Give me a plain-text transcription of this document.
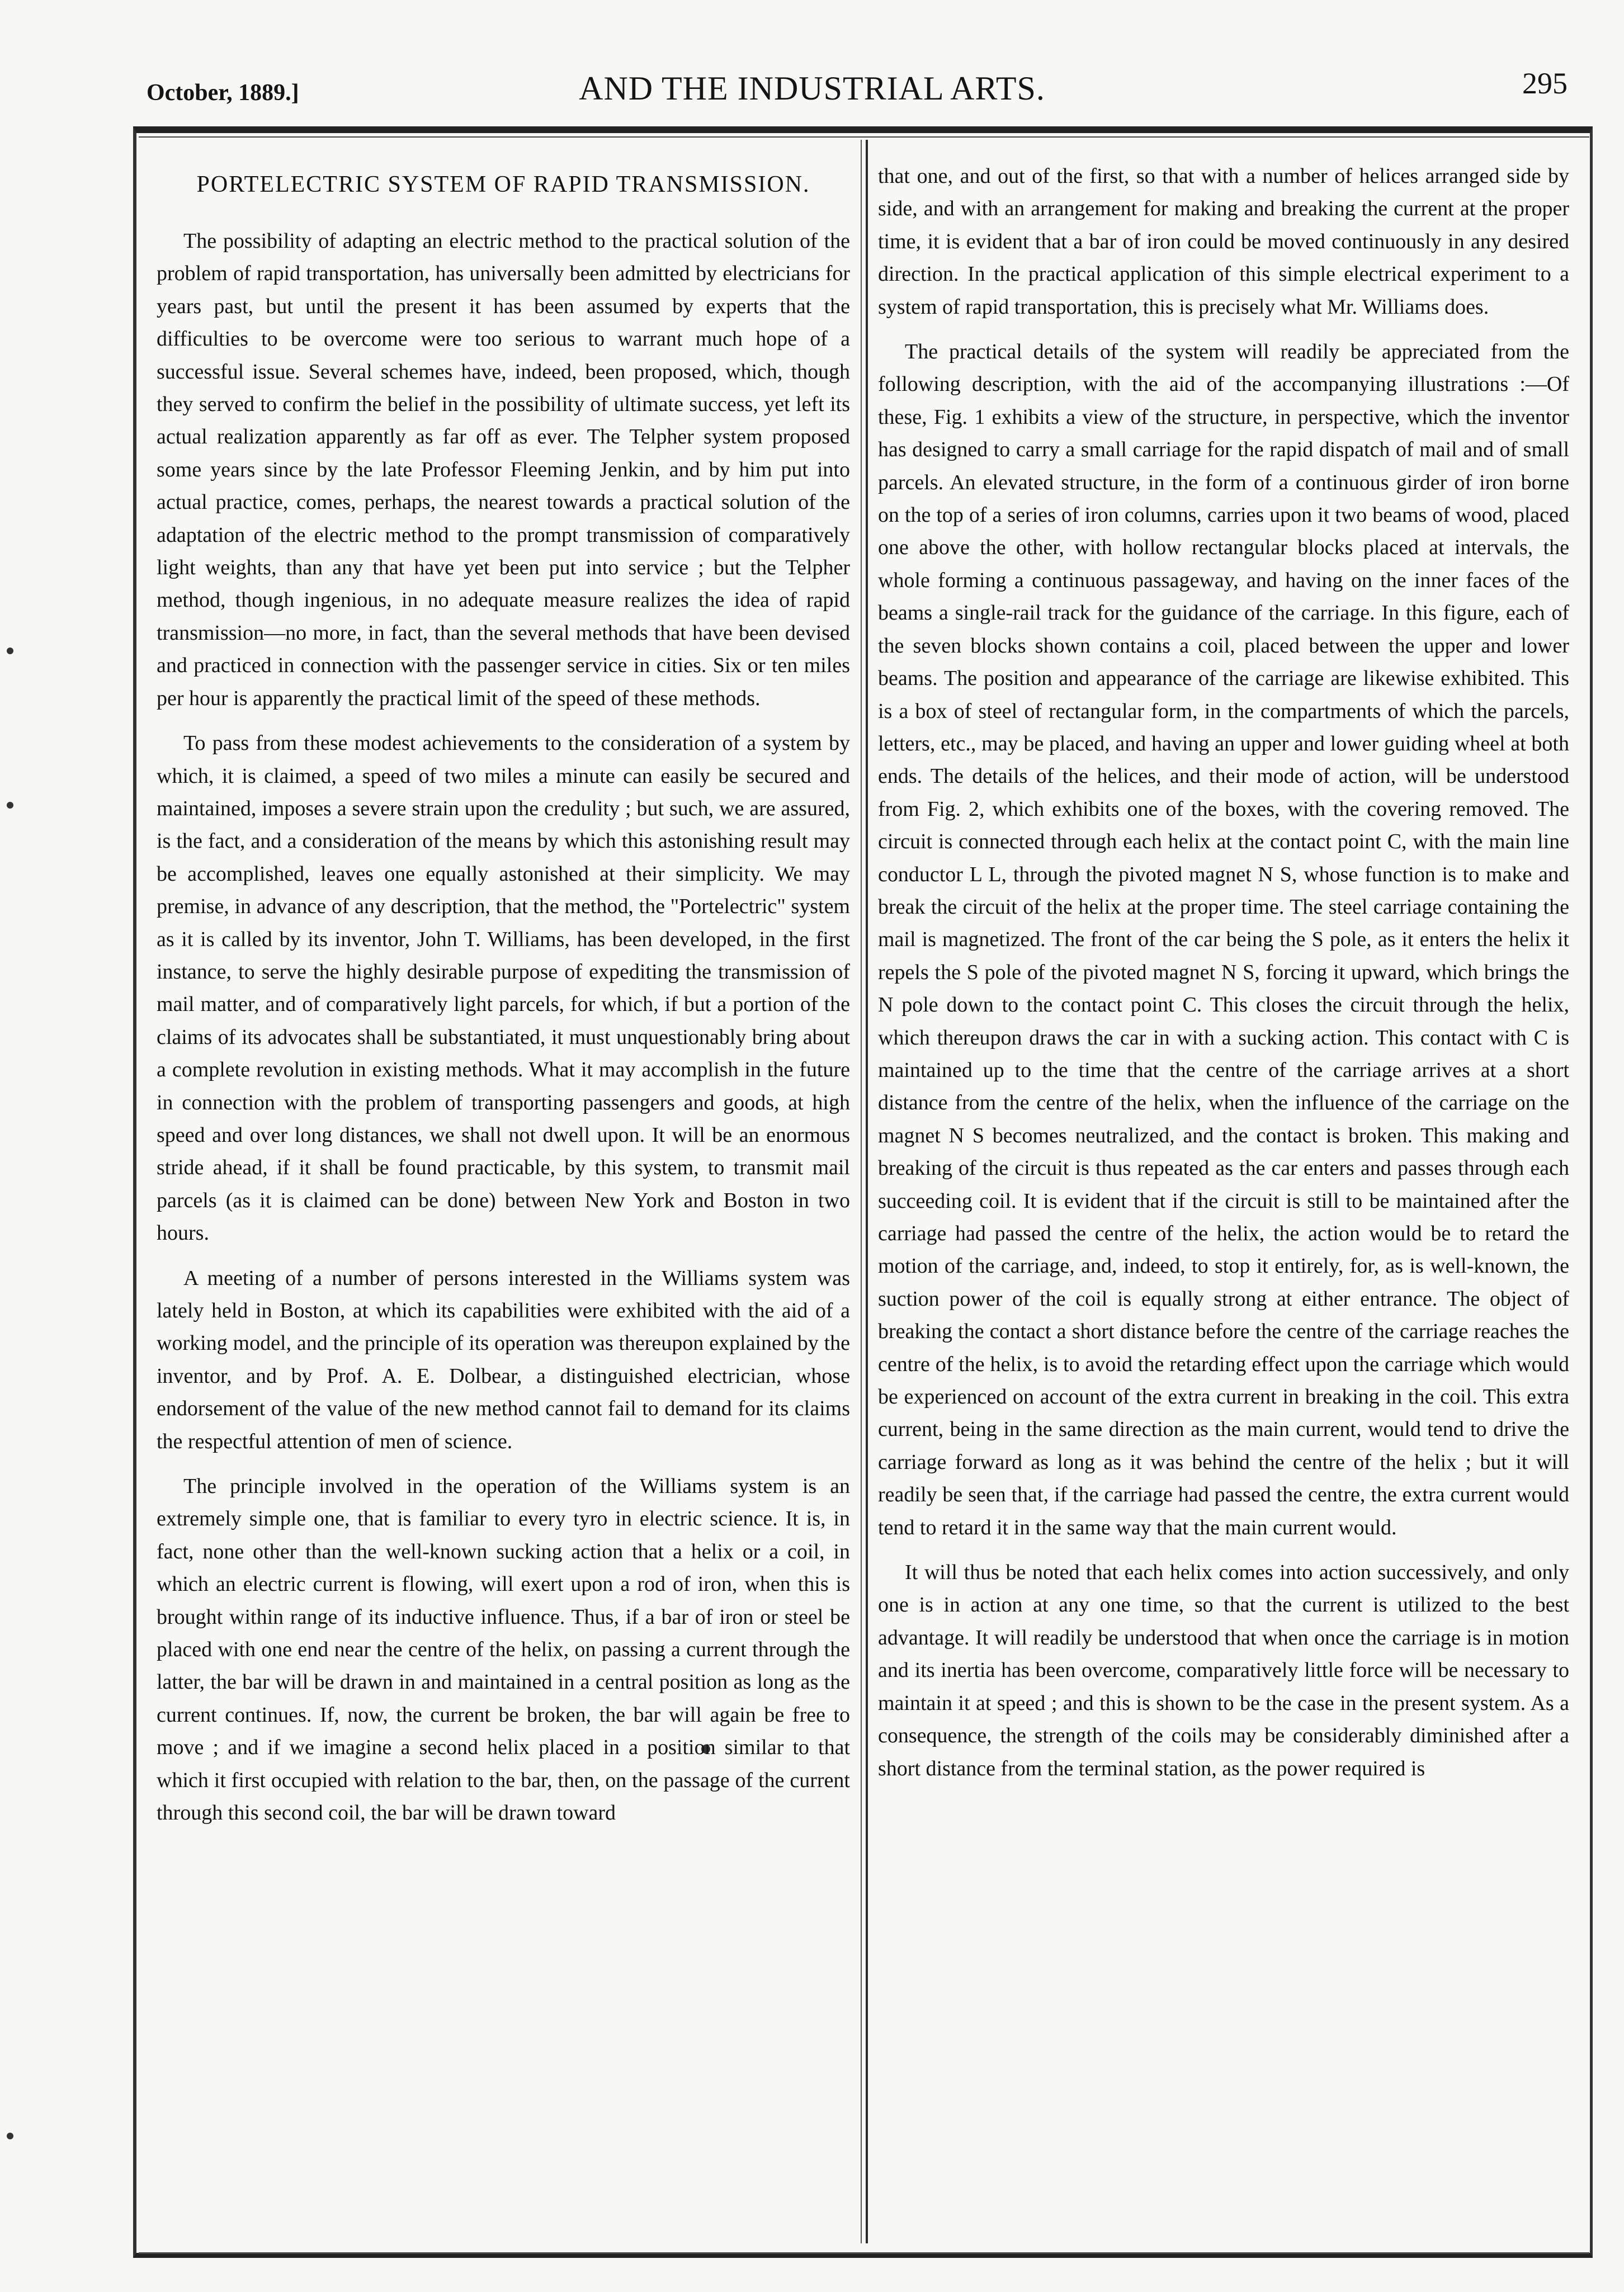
October, 1889.]	AND THE INDUSTRIAL ARTS.	295
PORTELECTRIC SYSTEM OF RAPID TRANSMISSION.

The possibility of adapting an electric method to the practical solution of the problem of rapid transportation, has universally been admitted by electricians for years past, but until the present it has been assumed by experts that the difficulties to be overcome were too serious to warrant much hope of a successful issue. Several schemes have, indeed, been proposed, which, though they served to confirm the belief in the possibility of ultimate success, yet left its actual realization apparently as far off as ever. The Telpher system proposed some years since by the late Professor Fleeming Jenkin, and by him put into actual practice, comes, perhaps, the nearest towards a practical solution of the adaptation of the electric method to the prompt transmission of comparatively light weights, than any that have yet been put into service ; but the Telpher method, though ingenious, in no adequate measure realizes the idea of rapid transmission—no more, in fact, than the several methods that have been devised and practiced in connection with the passenger service in cities. Six or ten miles per hour is apparently the practical limit of the speed of these methods.

To pass from these modest achievements to the consideration of a system by which, it is claimed, a speed of two miles a minute can easily be secured and maintained, imposes a severe strain upon the credulity ; but such, we are assured, is the fact, and a consideration of the means by which this astonishing result may be accomplished, leaves one equally astonished at their simplicity. We may premise, in advance of any description, that the method, the "Portelectric" system as it is called by its inventor, John T. Williams, has been developed, in the first instance, to serve the highly desirable purpose of expediting the transmission of mail matter, and of comparatively light parcels, for which, if but a portion of the claims of its advocates shall be substantiated, it must unquestionably bring about a complete revolution in existing methods. What it may accomplish in the future in connection with the problem of transporting passengers and goods, at high speed and over long distances, we shall not dwell upon. It will be an enormous stride ahead, if it shall be found practicable, by this system, to transmit mail parcels (as it is claimed can be done) between New York and Boston in two hours.

A meeting of a number of persons interested in the Williams system was lately held in Boston, at which its capabilities were exhibited with the aid of a working model, and the principle of its operation was thereupon explained by the inventor, and by Prof. A. E. Dolbear, a distinguished electrician, whose endorsement of the value of the new method cannot fail to demand for its claims the respectful attention of men of science.

The principle involved in the operation of the Williams system is an extremely simple one, that is familiar to every tyro in electric science. It is, in fact, none other than the well-known sucking action that a helix or a coil, in which an electric current is flowing, will exert upon a rod of iron, when this is brought within range of its inductive influence. Thus, if a bar of iron or steel be placed with one end near the centre of the helix, on passing a current through the latter, the bar will be drawn in and maintained in a central position as long as the current continues. If, now, the current be broken, the bar will again be free to move ; and if we imagine a second helix placed in a position similar to that which it first occupied with relation to the bar, then, on the passage of the current through this second coil, the bar will be drawn toward

that one, and out of the first, so that with a number of helices arranged side by side, and with an arrangement for making and breaking the current at the proper time, it is evident that a bar of iron could be moved continuously in any desired direction. In the practical application of this simple electrical experiment to a system of rapid transportation, this is precisely what Mr. Williams does.

The practical details of the system will readily be appreciated from the following description, with the aid of the accompanying illustrations :—Of these, Fig. 1 exhibits a view of the structure, in perspective, which the inventor has designed to carry a small carriage for the rapid dispatch of mail and of small parcels. An elevated structure, in the form of a continuous girder of iron borne on the top of a series of iron columns, carries upon it two beams of wood, placed one above the other, with hollow rectangular blocks placed at intervals, the whole forming a continuous passageway, and having on the inner faces of the beams a single-rail track for the guidance of the carriage. In this figure, each of the seven blocks shown contains a coil, placed between the upper and lower beams. The position and appearance of the carriage are likewise exhibited. This is a box of steel of rectangular form, in the compartments of which the parcels, letters, etc., may be placed, and having an upper and lower guiding wheel at both ends. The details of the helices, and their mode of action, will be understood from Fig. 2, which exhibits one of the boxes, with the covering removed. The circuit is connected through each helix at the contact point C, with the main line conductor L L, through the pivoted magnet N S, whose function is to make and break the circuit of the helix at the proper time. The steel carriage containing the mail is magnetized. The front of the car being the S pole, as it enters the helix it repels the S pole of the pivoted magnet N S, forcing it upward, which brings the N pole down to the contact point C. This closes the circuit through the helix, which thereupon draws the car in with a sucking action. This contact with C is maintained up to the time that the centre of the carriage arrives at a short distance from the centre of the helix, when the influence of the carriage on the magnet N S becomes neutralized, and the contact is broken. This making and breaking of the circuit is thus repeated as the car enters and passes through each succeeding coil. It is evident that if the circuit is still to be maintained after the carriage had passed the centre of the helix, the action would be to retard the motion of the carriage, and, indeed, to stop it entirely, for, as is well-known, the suction power of the coil is equally strong at either entrance. The object of breaking the contact a short distance before the centre of the carriage reaches the centre of the helix, is to avoid the retarding effect upon the carriage which would be experienced on account of the extra current in breaking in the coil. This extra current, being in the same direction as the main current, would tend to drive the carriage forward as long as it was behind the centre of the helix ; but it will readily be seen that, if the carriage had passed the centre, the extra current would tend to retard it in the same way that the main current would.

It will thus be noted that each helix comes into action successively, and only one is in action at any one time, so that the current is utilized to the best advantage. It will readily be understood that when once the carriage is in motion and its inertia has been overcome, comparatively little force will be necessary to maintain it at speed ; and this is shown to be the case in the present system. As a consequence, the strength of the coils may be considerably diminished after a short distance from the terminal station, as the power required is
